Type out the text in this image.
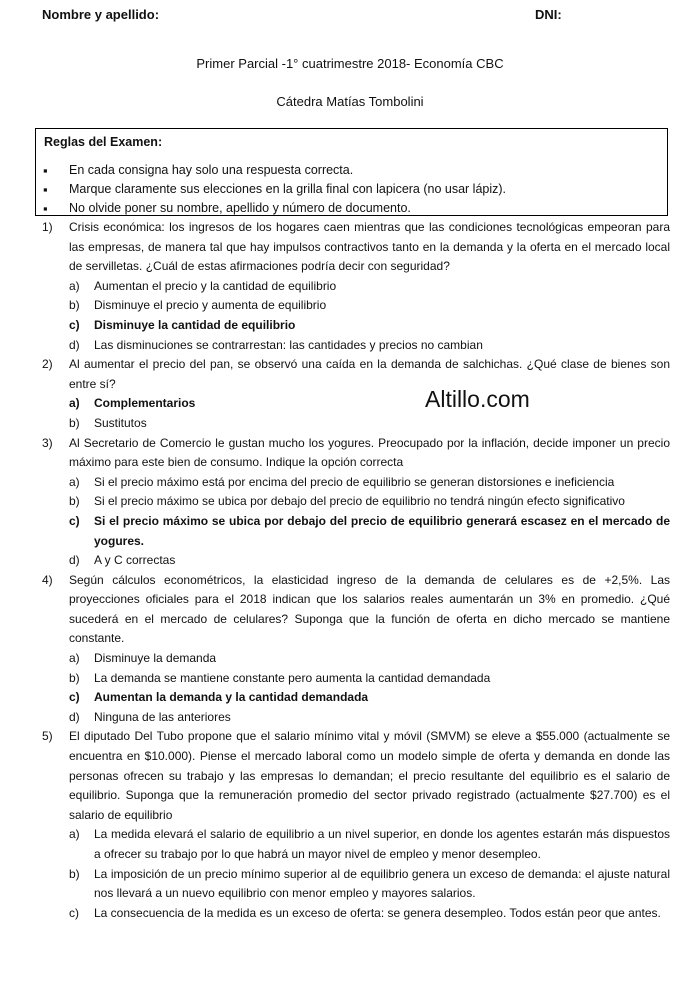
Nombre y apellido:	DNI:
Primer Parcial -1° cuatrimestre 2018- Economía CBC
Cátedra Matías Tombolini
Reglas del Examen:
▪ En cada consigna hay solo una respuesta correcta.
▪ Marque claramente sus elecciones en la grilla final con lapicera (no usar lápiz).
▪ No olvide poner su nombre, apellido y número de documento.
Altillo.com
1) Crisis económica: los ingresos de los hogares caen mientras que las condiciones tecnológicas empeoran para las empresas, de manera tal que hay impulsos contractivos tanto en la demanda y la oferta en el mercado local de servilletas. ¿Cuál de estas afirmaciones podría decir con seguridad?
a) Aumentan el precio y la cantidad de equilibrio
b) Disminuye el precio y aumenta de equilibrio
c) Disminuye la cantidad de equilibrio
d) Las disminuciones se contrarrestan: las cantidades y precios no cambian
2) Al aumentar el precio del pan, se observó una caída en la demanda de salchichas. ¿Qué clase de bienes son entre sí?
a) Complementarios
b) Sustitutos
3) Al Secretario de Comercio le gustan mucho los yogures. Preocupado por la inflación, decide imponer un precio máximo para este bien de consumo. Indique la opción correcta
a) Si el precio máximo está por encima del precio de equilibrio se generan distorsiones e ineficiencia
b) Si el precio máximo se ubica por debajo del precio de equilibrio no tendrá ningún efecto significativo
c) Si el precio máximo se ubica por debajo del precio de equilibrio generará escasez en el mercado de yogures.
d) A y C correctas
4) Según cálculos econométricos, la elasticidad ingreso de la demanda de celulares es de +2,5%. Las proyecciones oficiales para el 2018 indican que los salarios reales aumentarán un 3% en promedio. ¿Qué sucederá en el mercado de celulares? Suponga que la función de oferta en dicho mercado se mantiene constante.
a) Disminuye la demanda
b) La demanda se mantiene constante pero aumenta la cantidad demandada
c) Aumentan la demanda y la cantidad demandada
d) Ninguna de las anteriores
5) El diputado Del Tubo propone que el salario mínimo vital y móvil (SMVM) se eleve a $55.000 (actualmente se encuentra en $10.000). Piense el mercado laboral como un modelo simple de oferta y demanda en donde las personas ofrecen su trabajo y las empresas lo demandan; el precio resultante del equilibrio es el salario de equilibrio. Suponga que la remuneración promedio del sector privado registrado (actualmente $27.700) es el salario de equilibrio
a) La medida elevará el salario de equilibrio a un nivel superior, en donde los agentes estarán más dispuestos a ofrecer su trabajo por lo que habrá un mayor nivel de empleo y menor desempleo.
b) La imposición de un precio mínimo superior al de equilibrio genera un exceso de demanda: el ajuste natural nos llevará a un nuevo equilibrio con menor empleo y mayores salarios.
c) La consecuencia de la medida es un exceso de oferta: se genera desempleo. Todos están peor que antes.
